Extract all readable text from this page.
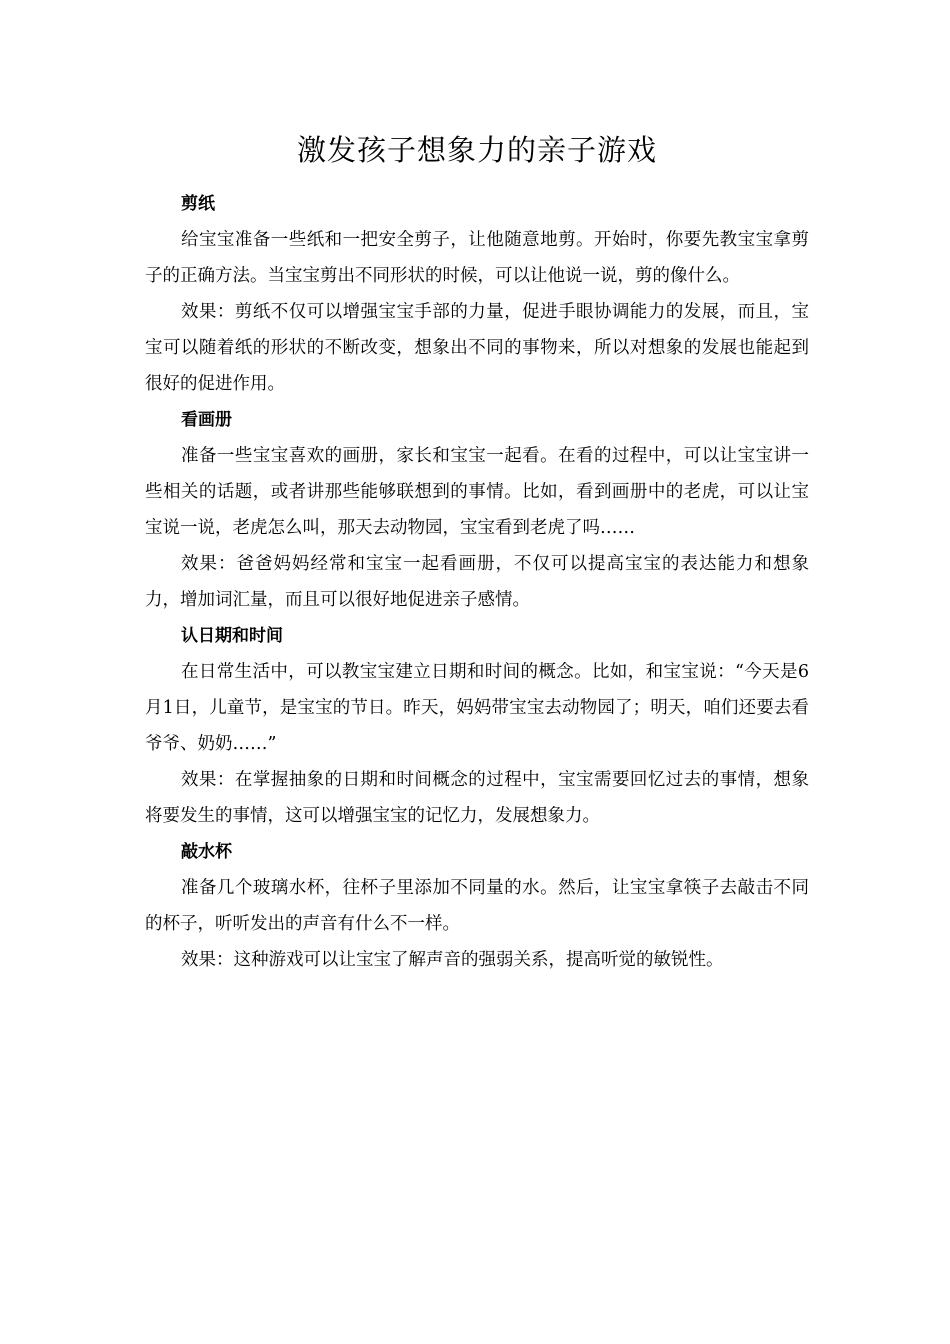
激发孩子想象力的亲子游戏
剪纸

给宝宝准备一些纸和一把安全剪子，让他随意地剪。开始时，你要先教宝宝拿剪子的正确方法。当宝宝剪出不同形状的时候，可以让他说一说，剪的像什么。

效果：剪纸不仅可以增强宝宝手部的力量，促进手眼协调能力的发展，而且，宝宝可以随着纸的形状的不断改变，想象出不同的事物来，所以对想象的发展也能起到很好的促进作用。

看画册

准备一些宝宝喜欢的画册，家长和宝宝一起看。在看的过程中，可以让宝宝讲一些相关的话题，或者讲那些能够联想到的事情。比如，看到画册中的老虎，可以让宝宝说一说，老虎怎么叫，那天去动物园，宝宝看到老虎了吗……

效果：爸爸妈妈经常和宝宝一起看画册，不仅可以提高宝宝的表达能力和想象力，增加词汇量，而且可以很好地促进亲子感情。

认日期和时间

在日常生活中，可以教宝宝建立日期和时间的概念。比如，和宝宝说：“今天是6月1日，儿童节，是宝宝的节日。昨天，妈妈带宝宝去动物园了；明天，咱们还要去看爷爷、奶奶……”

效果：在掌握抽象的日期和时间概念的过程中，宝宝需要回忆过去的事情，想象将要发生的事情，这可以增强宝宝的记忆力，发展想象力。

敲水杯

准备几个玻璃水杯，往杯子里添加不同量的水。然后，让宝宝拿筷子去敲击不同的杯子，听听发出的声音有什么不一样。

效果：这种游戏可以让宝宝了解声音的强弱关系，提高听觉的敏锐性。
